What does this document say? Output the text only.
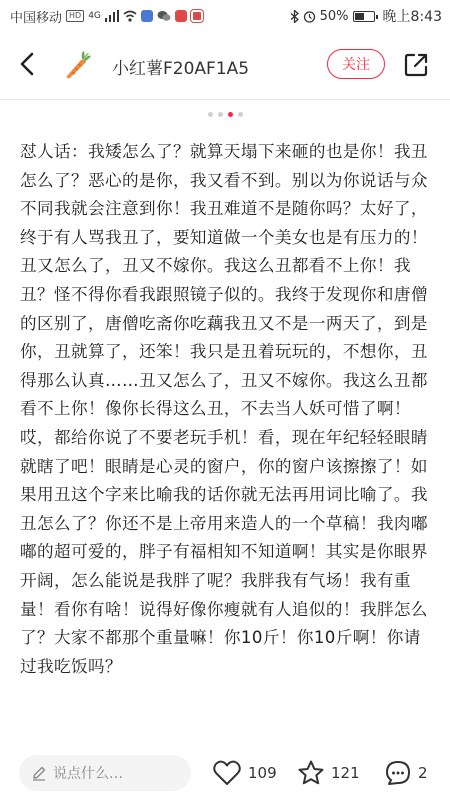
中国移动 HD 4G	50% 晚上8:43
小红薯F20AF1A5	关注
怼人话：我矮怎么了？就算天塌下来砸的也是你！我丑怎么了？恶心的是你，我又看不到。别以为你说话与众不同我就会注意到你！我丑难道不是随你吗？太好了，终于有人骂我丑了，要知道做一个美女也是有压力的！丑又怎么了，丑又不嫁你。我这么丑都看不上你！我丑？怪不得你看我跟照镜子似的。我终于发现你和唐僧的区别了，唐僧吃斋你吃藕我丑又不是一两天了，到是你，丑就算了，还笨！我只是丑着玩玩的，不想你，丑得那么认真……丑又怎么了，丑又不嫁你。我这么丑都看不上你！像你长得这么丑，不去当人妖可惜了啊！哎，都给你说了不要老玩手机！看，现在年纪轻轻眼睛就瞎了吧！眼睛是心灵的窗户，你的窗户该擦擦了！如果用丑这个字来比喻我的话你就无法再用词比喻了。我丑怎么了？你还不是上帝用来造人的一个草稿！我肉嘟嘟的超可爱的，胖子有福相知不知道啊！其实是你眼界开阔，怎么能说是我胖了呢？我胖我有气场！我有重量！看你有啥！说得好像你瘦就有人追似的！我胖怎么了？大家不都那个重量嘛！你10斤！你10斤啊！你请过我吃饭吗？
说点什么…	109	121	2
